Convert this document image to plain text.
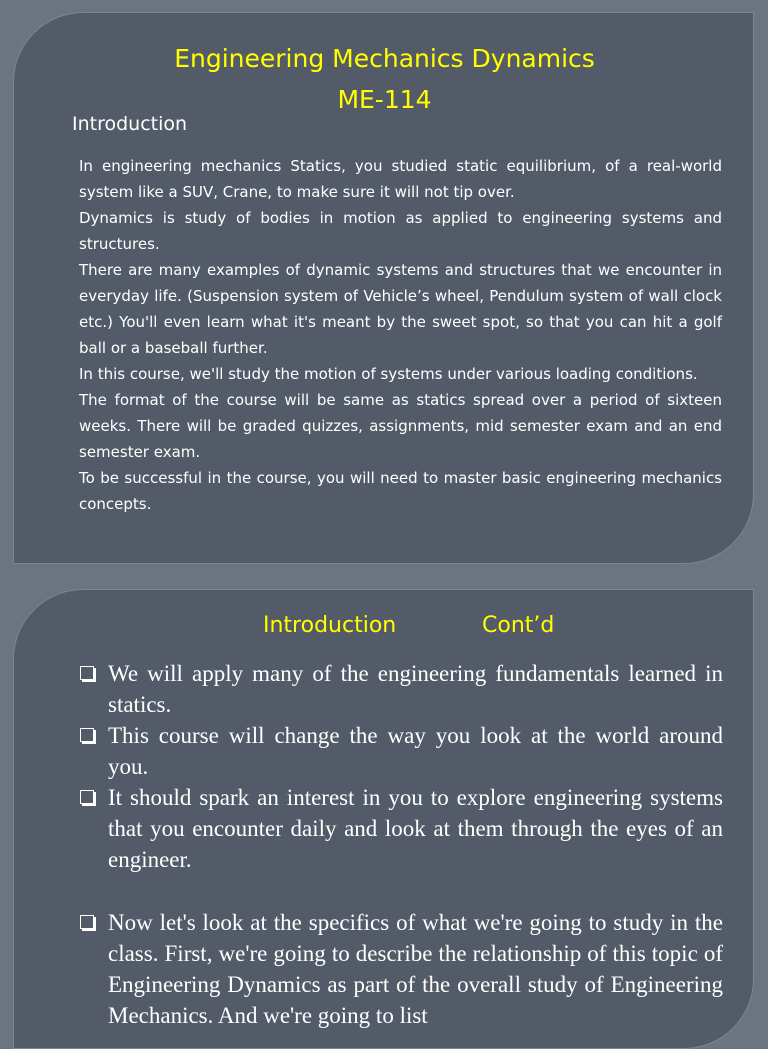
Engineering Mechanics Dynamics
ME-114
Introduction

In engineering mechanics Statics, you studied static equilibrium, of a real-world system like a SUV, Crane, to make sure it will not tip over.

Dynamics is study of bodies in motion as applied to engineering systems and structures.

There are many examples of dynamic systems and structures that we encounter in everyday life. (Suspension system of Vehicle’s wheel, Pendulum system of wall clock etc.) You'll even learn what it's meant by the sweet spot, so that you can hit a golf ball or a baseball further.

In this course, we'll study the motion of systems under various loading conditions.

The format of the course will be same as statics spread over a period of sixteen weeks. There will be graded quizzes, assignments, mid semester exam and an end semester exam.

To be successful in the course, you will need to master basic engineering mechanics concepts.

Introduction	Cont’d
We will apply many of the engineering fundamentals learned in statics.
This course will change the way you look at the world around you.
It should spark an interest in you to explore engineering systems that you encounter daily and look at them through the eyes of an engineer.
Now let's look at the specifics of what we're going to study in the class. First, we're going to describe the relationship of this topic of Engineering Dynamics as part of the overall study of Engineering Mechanics. And we're going to list
